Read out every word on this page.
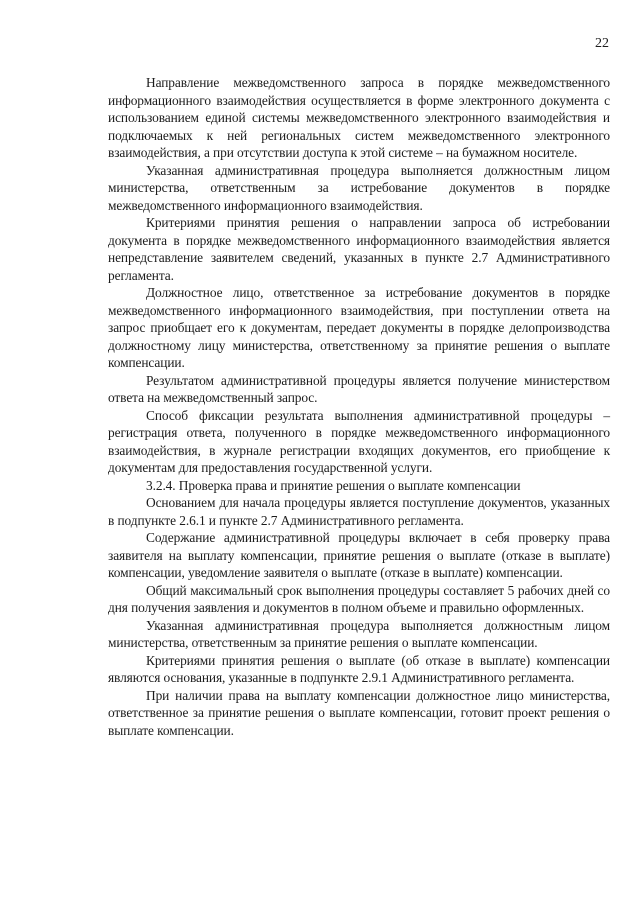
22

Направление межведомственного запроса в порядке межведомственного информационного взаимодействия осуществляется в форме электронного документа с использованием единой системы межведомственного электронного взаимодействия и подключаемых к ней региональных систем межведомственного электронного взаимодействия, а при отсутствии доступа к этой системе – на бумажном носителе.

Указанная административная процедура выполняется должностным лицом министерства, ответственным за истребование документов в порядке межведомственного информационного взаимодействия.

Критериями принятия решения о направлении запроса об истребовании документа в порядке межведомственного информационного взаимодействия является непредставление заявителем сведений, указанных в пункте 2.7 Административного регламента.

Должностное лицо, ответственное за истребование документов в порядке межведомственного информационного взаимодействия, при поступлении ответа на запрос приобщает его к документам, передает документы в порядке делопроизводства должностному лицу министерства, ответственному за принятие решения о выплате компенсации.

Результатом административной процедуры является получение министерством ответа на межведомственный запрос.

Способ фиксации результата выполнения административной процедуры – регистрация ответа, полученного в порядке межведомственного информационного взаимодействия, в журнале регистрации входящих документов, его приобщение к документам для предоставления государственной услуги.

3.2.4. Проверка права и принятие решения о выплате компенсации

Основанием для начала процедуры является поступление документов, указанных в подпункте 2.6.1 и пункте 2.7 Административного регламента.

Содержание административной процедуры включает в себя проверку права заявителя на выплату компенсации, принятие решения о выплате (отказе в выплате) компенсации, уведомление заявителя о выплате (отказе в выплате) компенсации.

Общий максимальный срок выполнения процедуры составляет 5 рабочих дней со дня получения заявления и документов в полном объеме и правильно оформленных.

Указанная административная процедура выполняется должностным лицом министерства, ответственным за принятие решения о выплате компенсации.

Критериями принятия решения о выплате (об отказе в выплате) компенсации являются основания, указанные в подпункте 2.9.1 Административного регламента.

При наличии права на выплату компенсации должностное лицо министерства, ответственное за принятие решения о выплате компенсации, готовит проект решения о выплате компенсации.
